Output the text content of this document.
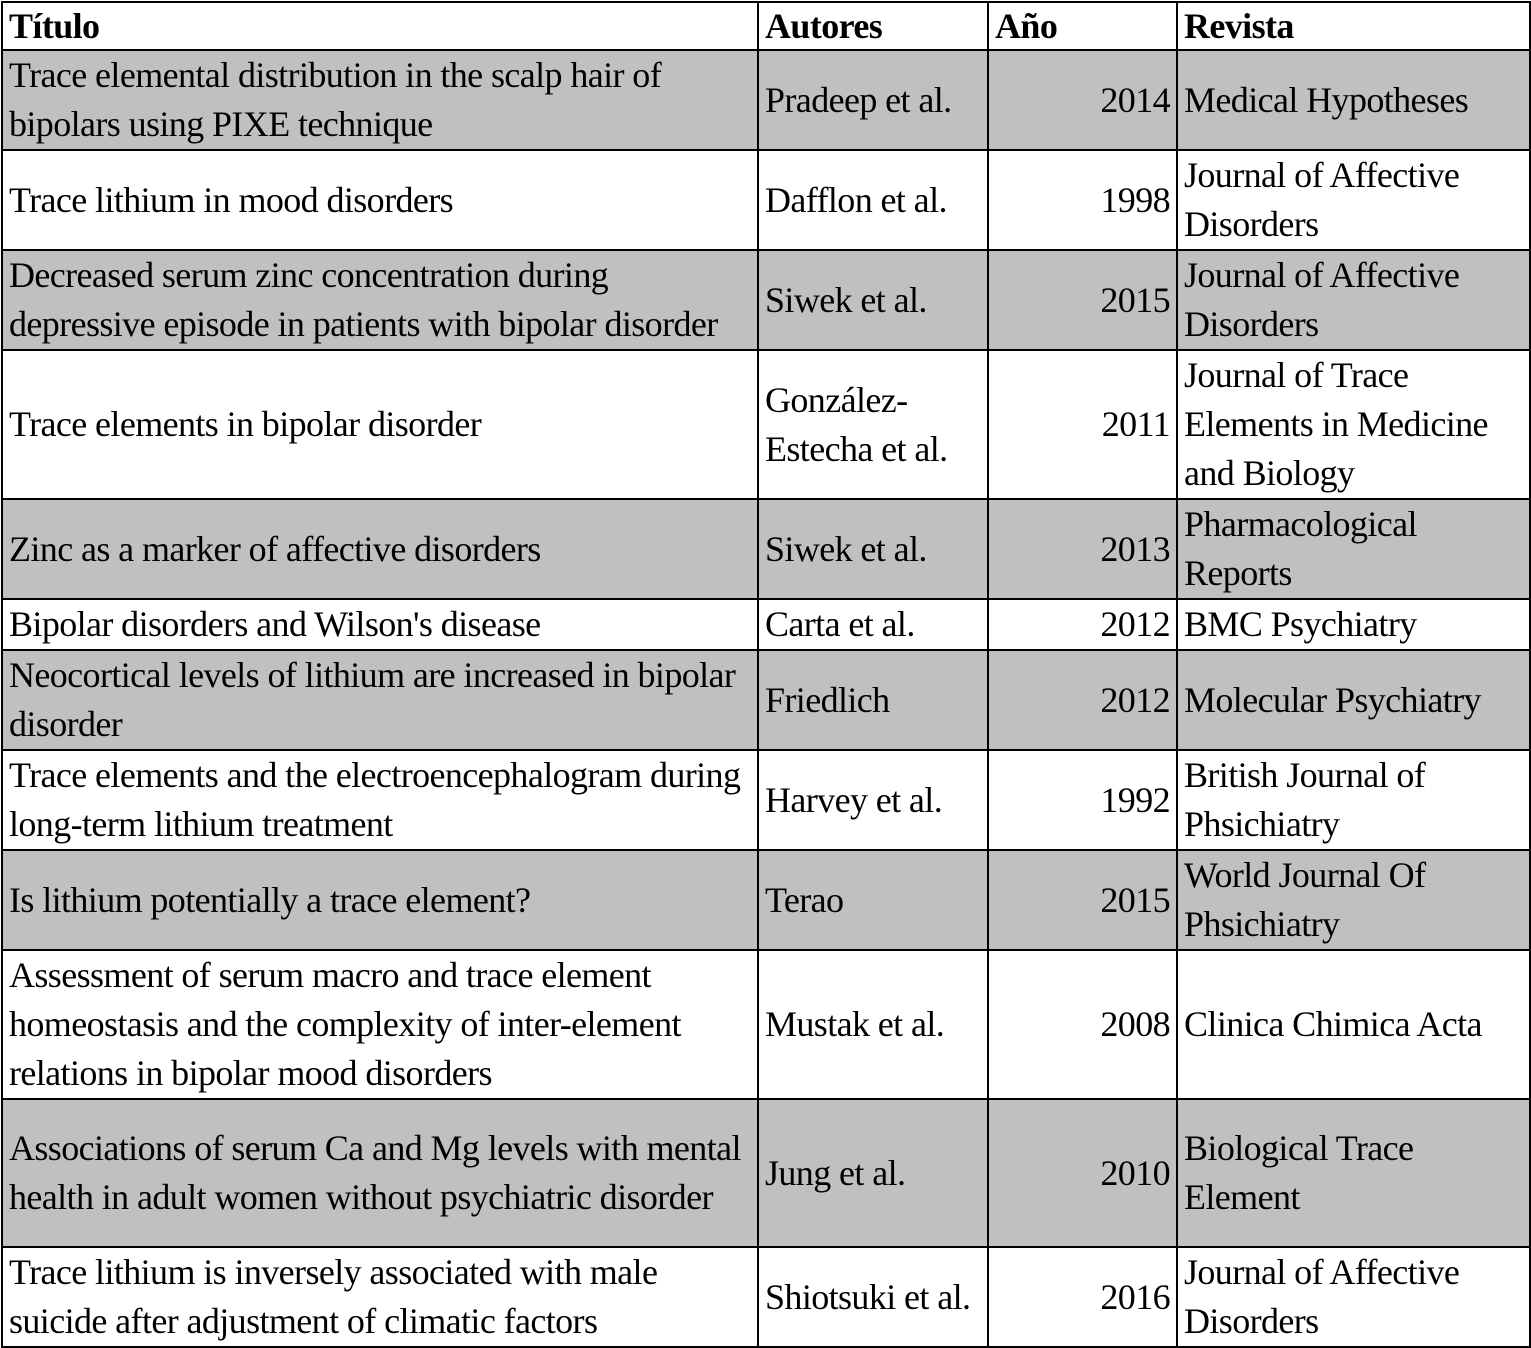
Título	Autores	Año	Revista
Trace elemental distribution in the scalp hair of bipolars using PIXE technique	Pradeep et al.	2014	Medical Hypotheses
Trace lithium in mood disorders	Dafflon et al.	1998	Journal of Affective Disorders
Decreased serum zinc concentration during depressive episode in patients with bipolar disorder	Siwek et al.	2015	Journal of Affective Disorders
Trace elements in bipolar disorder	González-Estecha et al.	2011	Journal of Trace Elements in Medicine and Biology
Zinc as a marker of affective disorders	Siwek et al.	2013	Pharmacological Reports
Bipolar disorders and Wilson's disease	Carta et al.	2012	BMC Psychiatry
Neocortical levels of lithium are increased in bipolar disorder	Friedlich	2012	Molecular Psychiatry
Trace elements and the electroencephalogram during long-term lithium treatment	Harvey et al.	1992	British Journal of Phsichiatry
Is lithium potentially a trace element?	Terao	2015	World Journal Of Phsichiatry
Assessment of serum macro and trace element homeostasis and the complexity of inter-element relations in bipolar mood disorders	Mustak et al.	2008	Clinica Chimica Acta
Associations of serum Ca and Mg levels with mental health in adult women without psychiatric disorder	Jung et al.	2010	Biological Trace Element
Trace lithium is inversely associated with male suicide after adjustment of climatic factors	Shiotsuki et al.	2016	Journal of Affective Disorders
